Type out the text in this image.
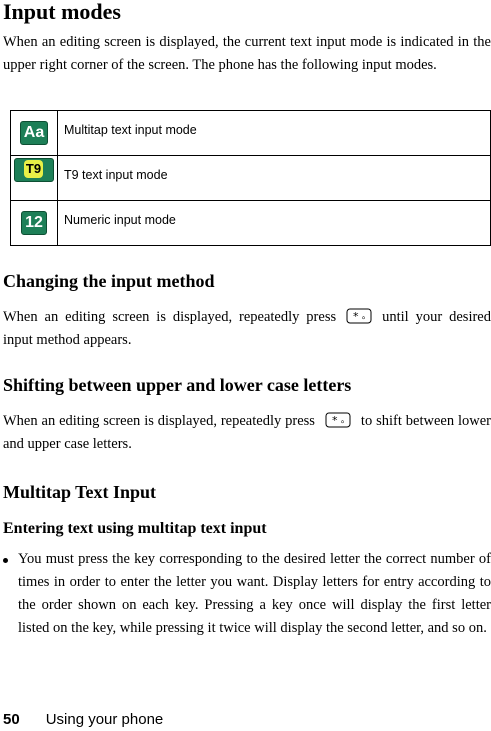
Input modes
When an editing screen is displayed, the current text input mode is indicated in the upper right corner of the screen. The phone has the following input modes.
Aa	Multitap text input mode
T9En	T9 text input mode
12	Numeric input mode
Changing the input method
When an editing screen is displayed, repeatedly press * ⚪ until your desired input method appears.
Shifting between upper and lower case letters
When an editing screen is displayed, repeatedly press * ⚪ to shift between lower and upper case letters.
Multitap Text Input
Entering text using multitap text input
You must press the key corresponding to the desired letter the correct number of times in order to enter the letter you want. Display letters for entry according to the order shown on each key. Pressing a key once will display the first letter listed on the key, while pressing it twice will display the second letter, and so on.
50 Using your phone
